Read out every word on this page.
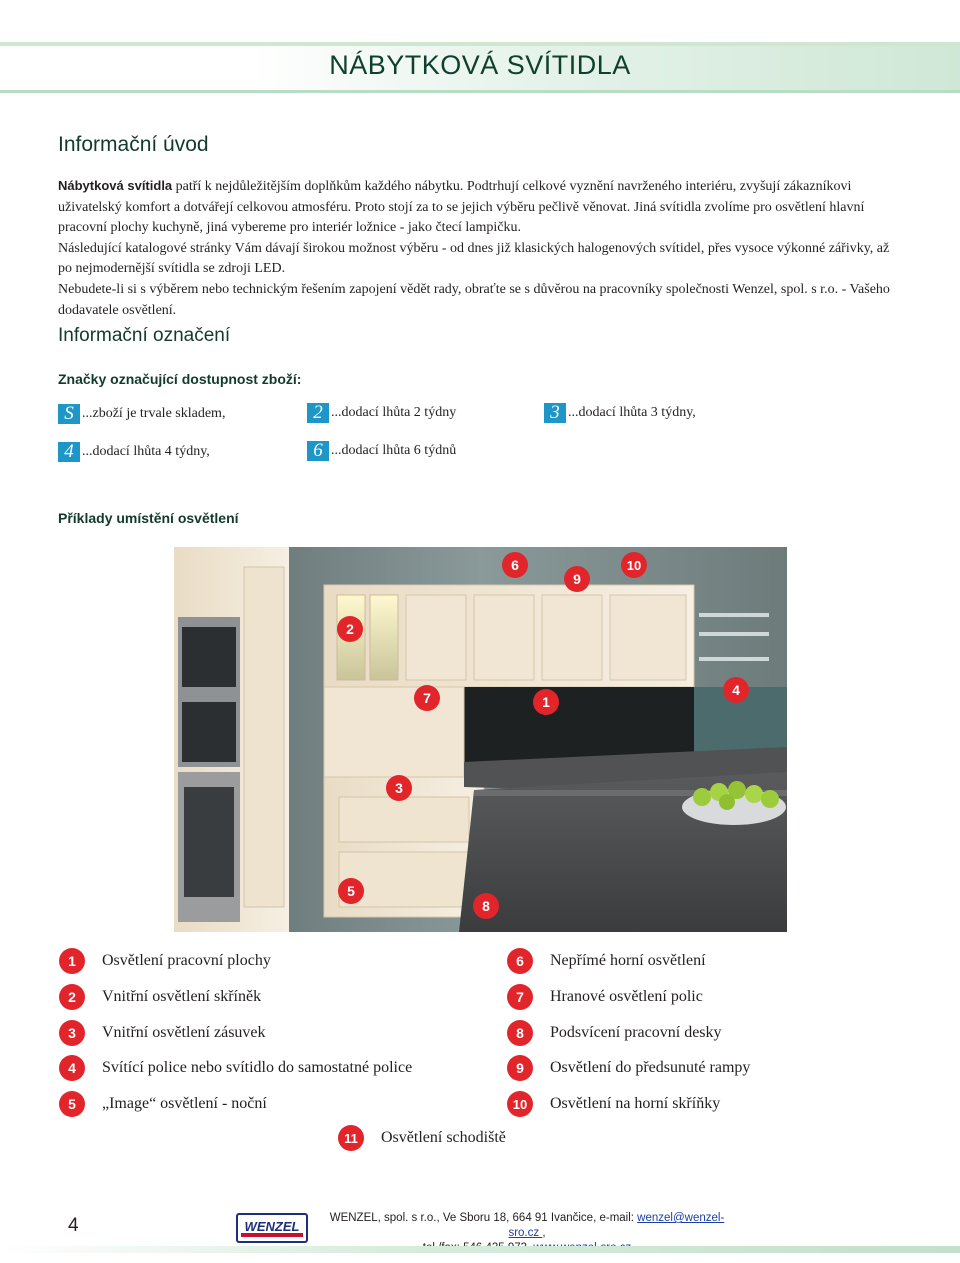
NÁBYTKOVÁ SVÍTIDLA
Informační úvod

Nábytková svítidla patří k nejdůležitějším doplňkům každého nábytku. Podtrhují celkové vyznění navrženého interiéru, zvyšují zákazníkovi uživatelský komfort a dotvářejí celkovou atmosféru. Proto stojí za to se jejich výběru pečlivě věnovat. Jiná svítidla zvolíme pro osvětlení hlavní pracovní plochy kuchyně, jiná vybereme pro interiér ložnice - jako čtecí lampičku.

Následující katalogové stránky Vám dávají širokou možnost výběru - od dnes již klasických halogenových svítidel, přes vysoce výkonné zářivky, až po nejmodernější svítidla se zdroji LED.

Nebudete-li si s výběrem nebo technickým řešením zapojení vědět rady, obraťte se s důvěrou na pracovníky společnosti Wenzel, spol. s r.o. - Vašeho dodavatele osvětlení.

Informační označení
Značky označující dostupnost zboží:
S ...zboží je trvale skladem,	2 ...dodací lhůta 2 týdny	3 ...dodací lhůta 3 týdny,
4 ...dodací lhůta 4 týdny,	6 ...dodací lhůta 6 týdnů
Příklady umístění osvětlení
6
9
10
2
7	1
4
3
5
8
1	Osvětlení pracovní plochy
2	Vnitřní osvětlení skříněk
3	Vnitřní osvětlení zásuvek
4	Svítící police nebo svítidlo do samostatné police
5	„Image“ osvětlení - noční
6	Nepřímé horní osvětlení
7	Hranové osvětlení polic
8	Podsvícení pracovní desky
9	Osvětlení do předsunuté rampy
10	Osvětlení na horní skříňky
11	Osvětlení schodiště
4	WENZEL
WENZEL, spol. s r.o., Ve Sboru 18, 664 91 Ivančice, e-mail: wenzel@wenzel-sro.cz ,
